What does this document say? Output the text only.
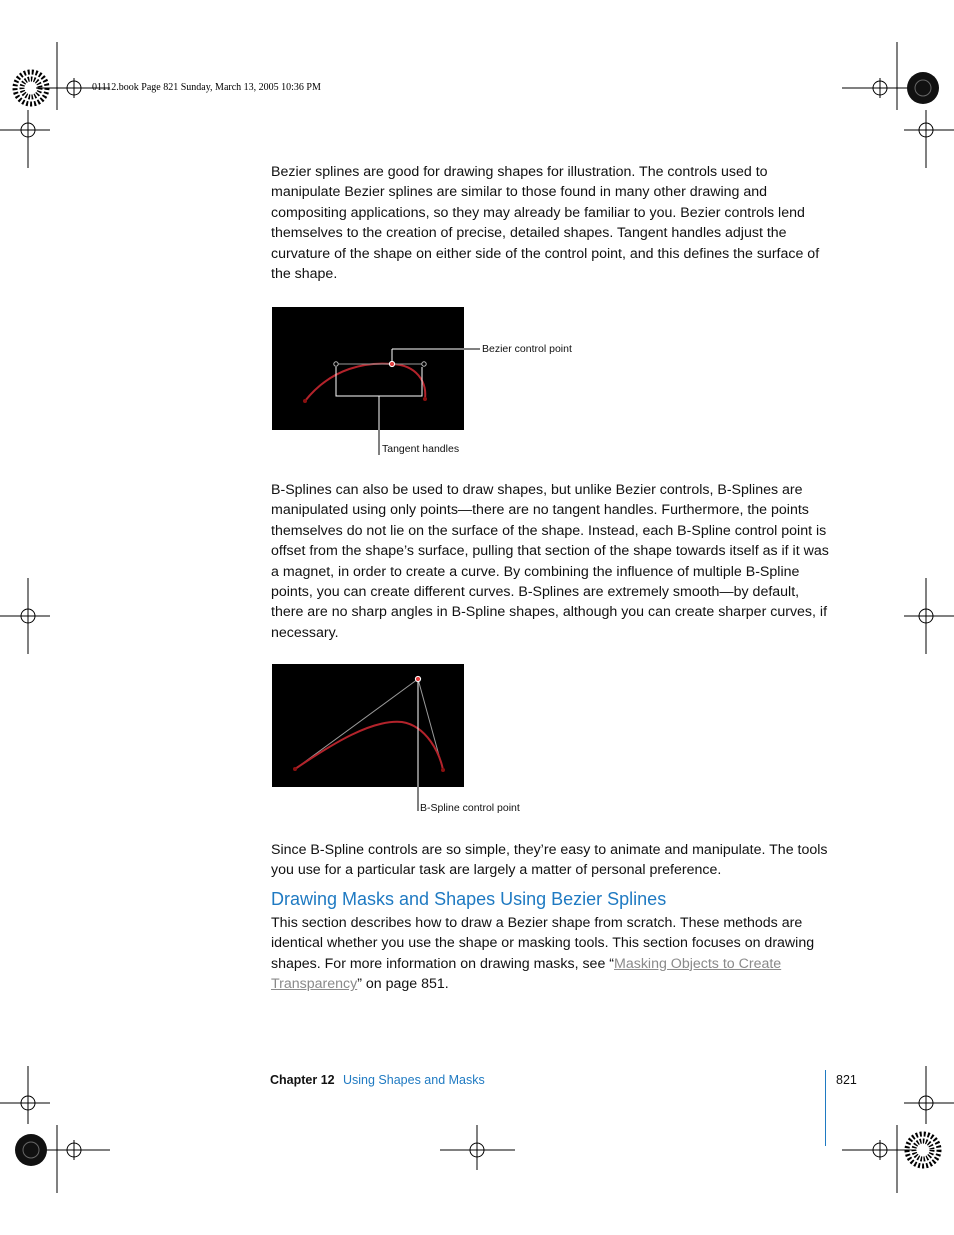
01112.book Page 821 Sunday, March 13, 2005 10:36 PM
Bezier splines are good for drawing shapes for illustration. The controls used to manipulate Bezier splines are similar to those found in many other drawing and compositing applications, so they may already be familiar to you. Bezier controls lend themselves to the creation of precise, detailed shapes. Tangent handles adjust the curvature of the shape on either side of the control point, and this defines the surface of the shape.
Bezier control point
Tangent handles
B-Splines can also be used to draw shapes, but unlike Bezier controls, B-Splines are manipulated using only points—there are no tangent handles. Furthermore, the points themselves do not lie on the surface of the shape. Instead, each B-Spline control point is offset from the shape’s surface, pulling that section of the shape towards itself as if it was a magnet, in order to create a curve. By combining the influence of multiple B-Spline points, you can create different curves. B-Splines are extremely smooth—by default, there are no sharp angles in B-Spline shapes, although you can create sharper curves, if necessary.
B-Spline control point
Since B-Spline controls are so simple, they’re easy to animate and manipulate. The tools you use for a particular task are largely a matter of personal preference.
Drawing Masks and Shapes Using Bezier Splines
This section describes how to draw a Bezier shape from scratch. These methods are identical whether you use the shape or masking tools. This section focuses on drawing shapes. For more information on drawing masks, see “Masking Objects to Create Transparency” on page 851.
Chapter 12 Using Shapes and Masks	821
